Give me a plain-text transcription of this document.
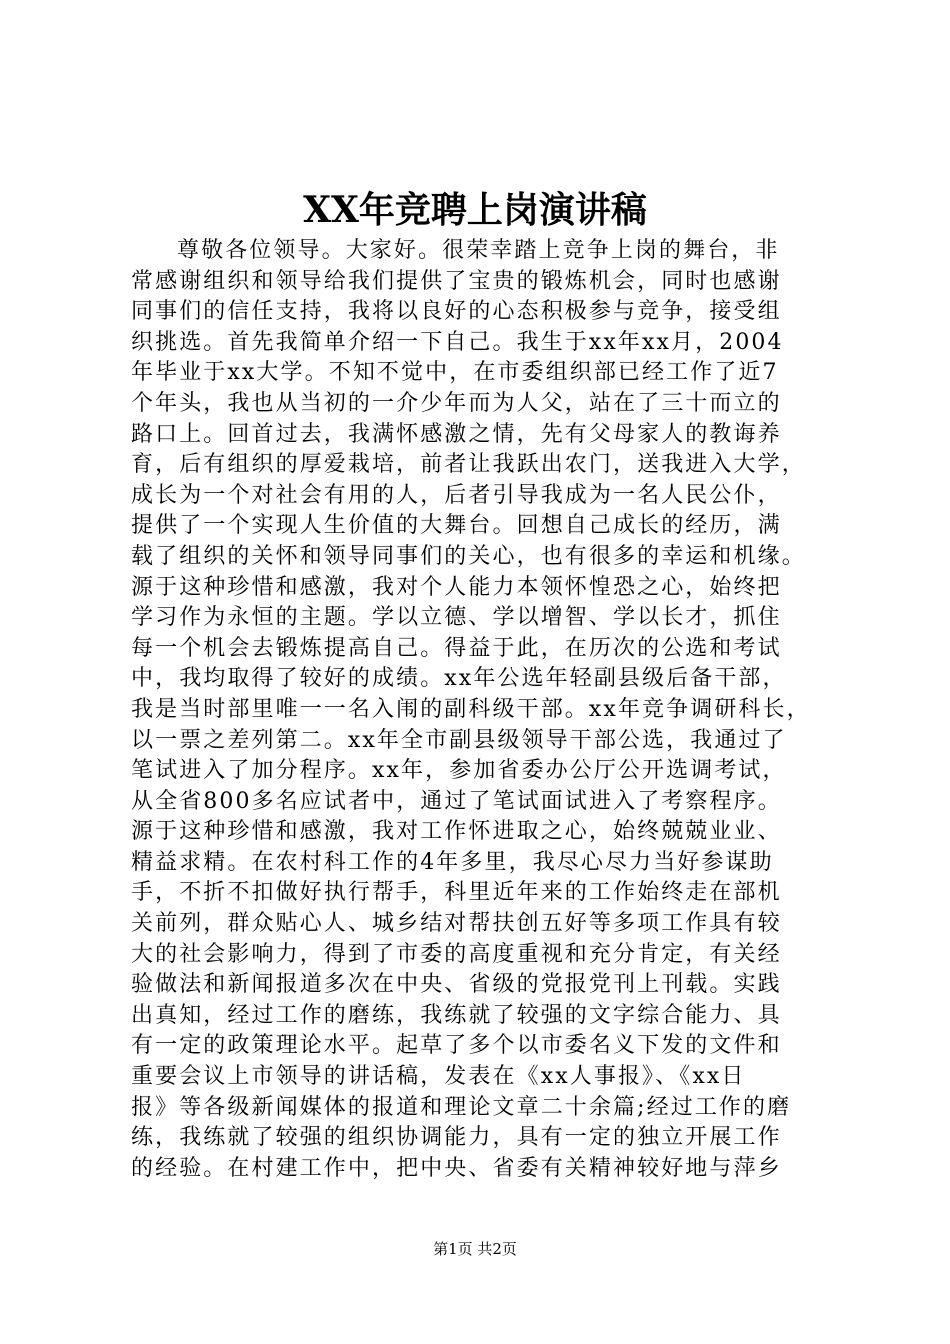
XX年竞聘上岗演讲稿
尊敬各位领导。大家好。很荣幸踏上竞争上岗的舞台，非
常感谢组织和领导给我们提供了宝贵的锻炼机会，同时也感谢
同事们的信任支持，我将以良好的心态积极参与竞争，接受组
织挑选。首先我简单介绍一下自己。我生于xx年xx月，2004
年毕业于xx大学。不知不觉中，在市委组织部已经工作了近7
个年头，我也从当初的一介少年而为人父，站在了三十而立的
路口上。回首过去，我满怀感激之情，先有父母家人的教诲养
育，后有组织的厚爱栽培，前者让我跃出农门，送我进入大学，
成长为一个对社会有用的人，后者引导我成为一名人民公仆，
提供了一个实现人生价值的大舞台。回想自己成长的经历，满
载了组织的关怀和领导同事们的关心，也有很多的幸运和机缘。
源于这种珍惜和感激，我对个人能力本领怀惶恐之心，始终把
学习作为永恒的主题。学以立德、学以增智、学以长才，抓住
每一个机会去锻炼提高自己。得益于此，在历次的公选和考试
中，我均取得了较好的成绩。xx年公选年轻副县级后备干部，
我是当时部里唯一一名入闱的副科级干部。xx年竞争调研科长，
以一票之差列第二。xx年全市副县级领导干部公选，我通过了
笔试进入了加分程序。xx年，参加省委办公厅公开选调考试，
从全省800多名应试者中，通过了笔试面试进入了考察程序。
源于这种珍惜和感激，我对工作怀进取之心，始终兢兢业业、
精益求精。在农村科工作的4年多里，我尽心尽力当好参谋助
手，不折不扣做好执行帮手，科里近年来的工作始终走在部机
关前列，群众贴心人、城乡结对帮扶创五好等多项工作具有较
大的社会影响力，得到了市委的高度重视和充分肯定，有关经
验做法和新闻报道多次在中央、省级的党报党刊上刊载。实践
出真知，经过工作的磨练，我练就了较强的文字综合能力、具
有一定的政策理论水平。起草了多个以市委名义下发的文件和
重要会议上市领导的讲话稿，发表在《xx人事报》、《xx日
报》等各级新闻媒体的报道和理论文章二十余篇;经过工作的磨
练，我练就了较强的组织协调能力，具有一定的独立开展工作
的经验。在村建工作中，把中央、省委有关精神较好地与萍乡
第1页 共2页
